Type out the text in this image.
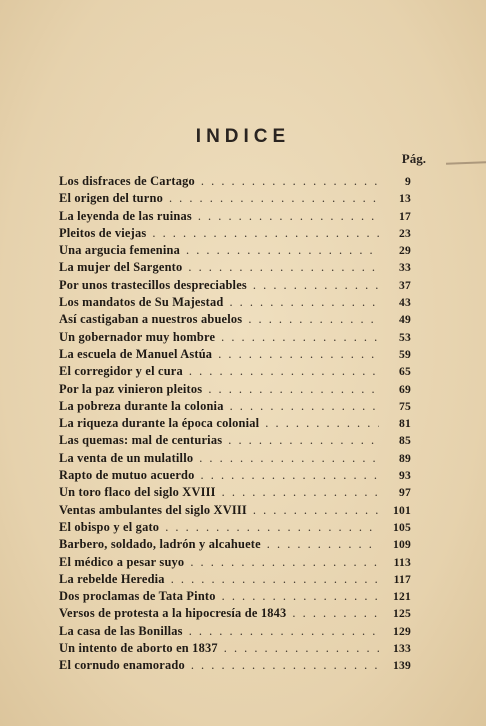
INDICE
Pág.
Los disfraces de Cartago . . .	9
El origen del turno . . .	13
La leyenda de las ruinas . . .	17
Pleitos de viejas . . .	23
Una argucia femenina . . .	29
La mujer del Sargento . . .	33
Por unos trastecillos despreciables . . .	37
Los mandatos de Su Majestad . . .	43
Así castigaban a nuestros abuelos . . .	49
Un gobernador muy hombre . . .	53
La escuela de Manuel Astúa . . .	59
El corregidor y el cura . . .	65
Por la paz vinieron pleitos . . .	69
La pobreza durante la colonia . . .	75
La riqueza durante la época colonial . . .	81
Las quemas: mal de centurias . . .	85
La venta de un mulatillo . . .	89
Rapto de mutuo acuerdo . . .	93
Un toro flaco del siglo XVIII . . .	97
Ventas ambulantes del siglo XVIII . . .	101
El obispo y el gato . . .	105
Barbero, soldado, ladrón y alcahuete . . .	109
El médico a pesar suyo . . .	113
La rebelde Heredia . . .	117
Dos proclamas de Tata Pinto . . .	121
Versos de protesta a la hipocresía de 1843 . . .	125
La casa de las Bonillas . . .	129
Un intento de aborto en 1837 . . .	133
El cornudo enamorado . . .	139
